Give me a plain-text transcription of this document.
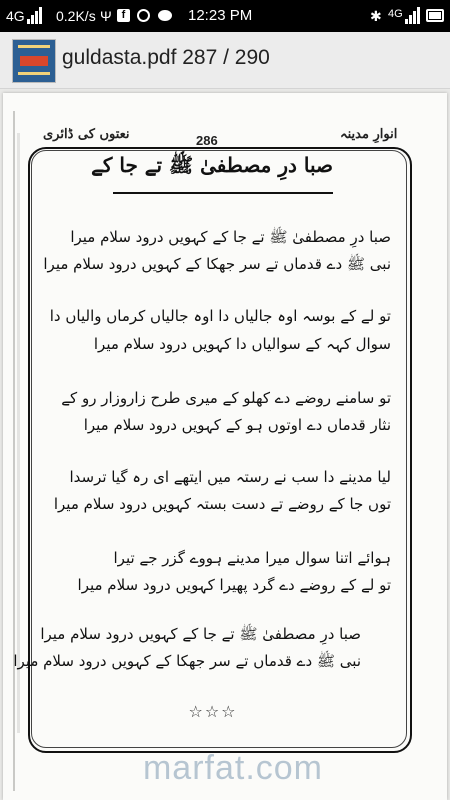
4G 0.2K/s Ψ f	12:23 PM	✱ 4G
guldasta.pdf 287 / 290
نعتوں کی ڈائری	286	انوارِ مدینہ
صبا درِ مصطفیٰ ﷺ تے جا کے
صبا درِ مصطفیٰ ﷺ تے جا کے کہویں درود سلام میرا
نبی ﷺ دے قدماں تے سر جھکا کے کہویں درود سلام میرا
تو لے کے بوسہ اوہ جالیاں دا اوہ جالیاں کرماں والیاں دا
سوال کہہ کے سوالیاں دا کہویں درود سلام میرا
تو سامنے روضے دے کھلو کے میری طرح زاروزار رو کے
نثار قدماں دے اوتوں ہو کے کہویں درود سلام میرا
لیا مدینے دا سب نے رستہ میں ایتھے ای رہ گیا ترسدا
توں جا کے روضے تے دست بستہ کہویں درود سلام میرا
ہوائے اتنا سوال میرا مدینے ہووے گزر جے تیرا
تو لے کے روضے دے گرد پھیرا کہویں درود سلام میرا
صبا درِ مصطفیٰ ﷺ تے جا کے کہویں درود سلام میرا
نبی ﷺ دے قدماں تے سر جھکا کے کہویں درود سلام میرا
☆☆☆
marfat.com
